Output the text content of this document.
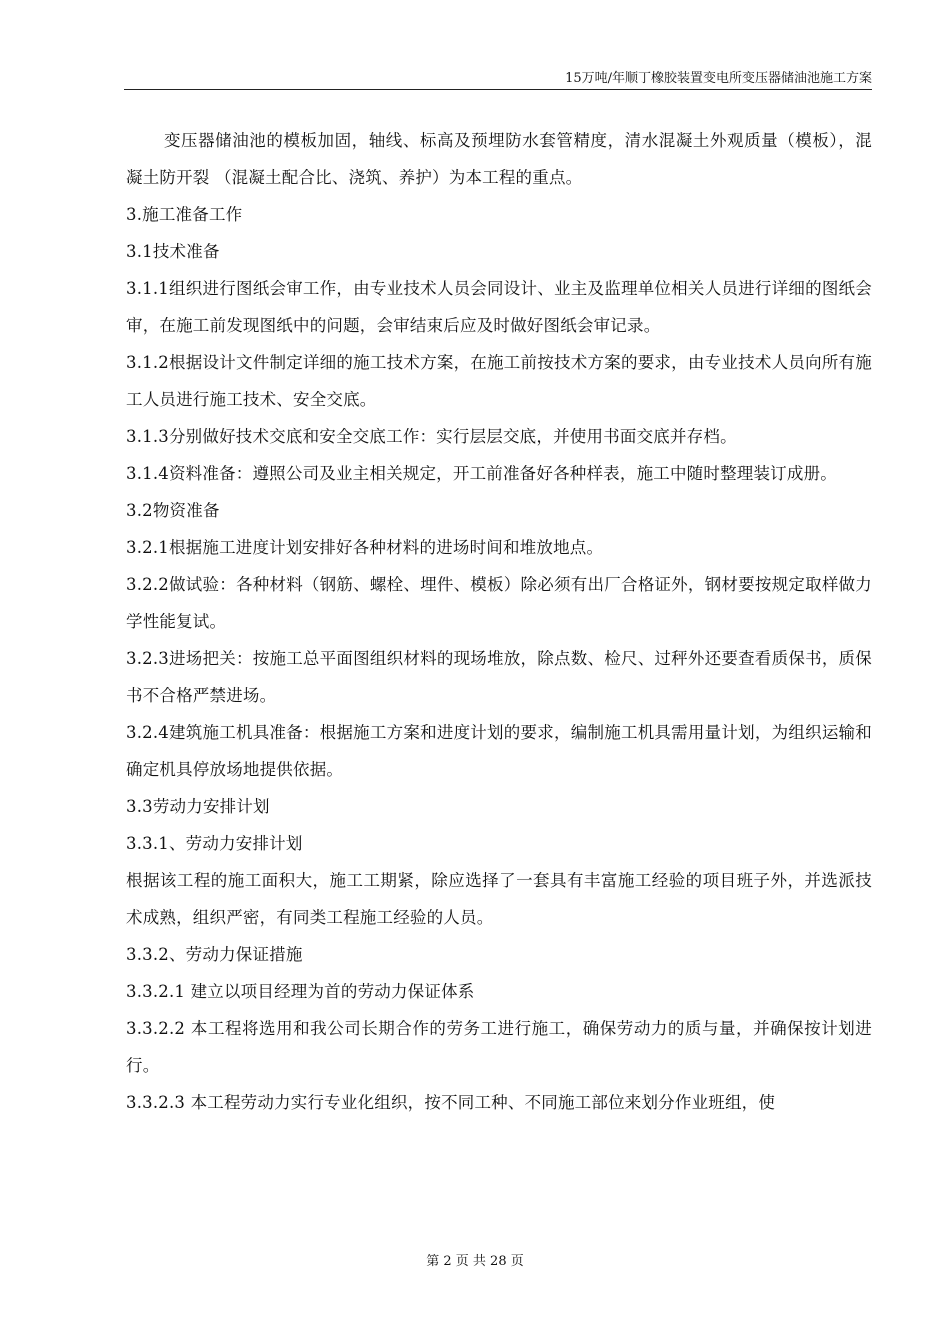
15万吨/年顺丁橡胶装置变电所变压器储油池施工方案

变压器储油池的模板加固，轴线、标高及预埋防水套管精度，清水混凝土外观质量（模板），混凝土防开裂 （混凝土配合比、浇筑、养护）为本工程的重点。

3.施工准备工作

3.1技术准备

3.1.1组织进行图纸会审工作，由专业技术人员会同设计、业主及监理单位相关人员进行详细的图纸会审，在施工前发现图纸中的问题，会审结束后应及时做好图纸会审记录。

3.1.2根据设计文件制定详细的施工技术方案，在施工前按技术方案的要求，由专业技术人员向所有施工人员进行施工技术、安全交底。

3.1.3分别做好技术交底和安全交底工作：实行层层交底，并使用书面交底并存档。

3.1.4资料准备：遵照公司及业主相关规定，开工前准备好各种样表，施工中随时整理装订成册。

3.2物资准备

3.2.1根据施工进度计划安排好各种材料的进场时间和堆放地点。

3.2.2做试验：各种材料（钢筋、螺栓、埋件、模板）除必须有出厂合格证外，钢材要按规定取样做力学性能复试。

3.2.3进场把关：按施工总平面图组织材料的现场堆放，除点数、检尺、过秤外还要查看质保书，质保书不合格严禁进场。

3.2.4建筑施工机具准备：根据施工方案和进度计划的要求，编制施工机具需用量计划，为组织运输和确定机具停放场地提供依据。

3.3劳动力安排计划

3.3.1、劳动力安排计划

根据该工程的施工面积大，施工工期紧，除应选择了一套具有丰富施工经验的项目班子外，并选派技术成熟，组织严密，有同类工程施工经验的人员。

3.3.2、劳动力保证措施

3.3.2.1 建立以项目经理为首的劳动力保证体系

3.3.2.2 本工程将选用和我公司长期合作的劳务工进行施工，确保劳动力的质与量，并确保按计划进行。

3.3.2.3 本工程劳动力实行专业化组织，按不同工种、不同施工部位来划分作业班组，使

第 2 页 共 28 页
